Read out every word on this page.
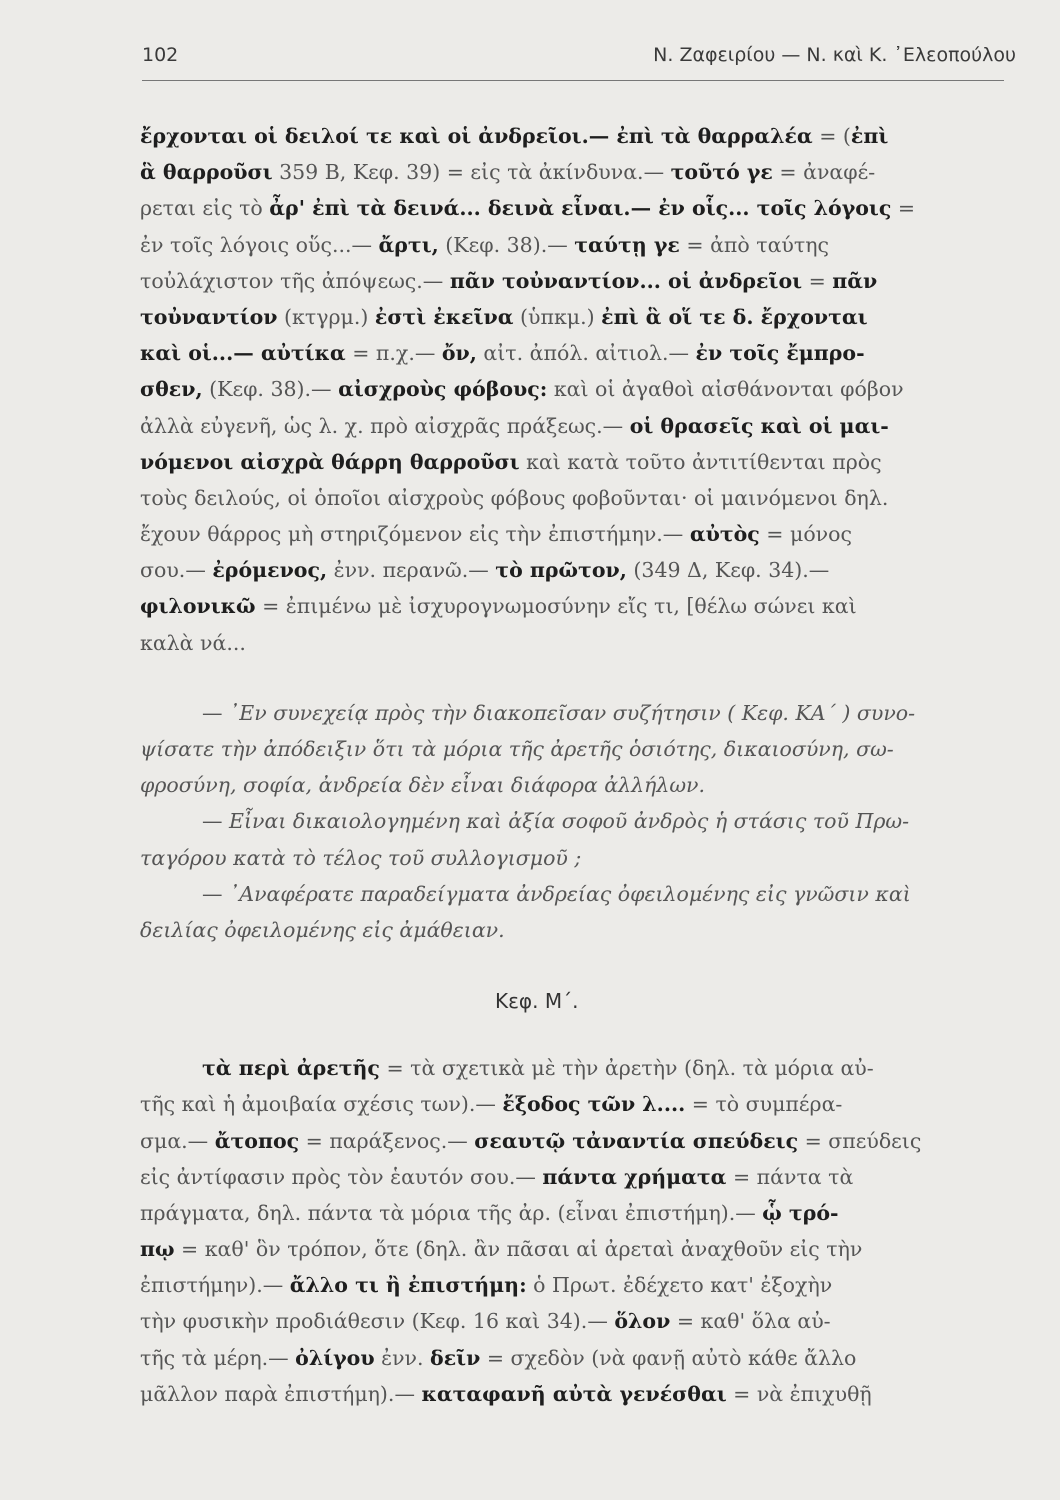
102	Ν. Ζαφειρίου — Ν. καὶ Κ. ᾿Ελεοπούλου
ἔρχονται οἱ δειλοί τε καὶ οἱ ἀνδρεῖοι.— ἐπὶ τὰ θαρραλέα = (ἐπὶ
ἃ θαρροῦσι 359 Β, Κεφ. 39) = εἰς τὰ ἀκίνδυνα.— τοῦτό γε = ἀναφέ-
ρεται εἰς τὸ ἆρ' ἐπὶ τὰ δεινά... δεινὰ εἶναι.— ἐν οἷς... τοῖς λόγοις =
ἐν τοῖς λόγοις οὕς...— ἄρτι, (Κεφ. 38).— ταύτῃ γε = ἀπὸ ταύτης
τοὐλάχιστον τῆς ἀπόψεως.— πᾶν τοὐναντίον... οἱ ἀνδρεῖοι = πᾶν
τοὐναντίον (κτγρμ.) ἐστὶ ἐκεῖνα (ὑπκμ.) ἐπὶ ἃ οἵ τε δ. ἔρχονται
καὶ οἱ...— αὐτίκα = π.χ.— ὄν, αἰτ. ἀπόλ. αἰτιολ.— ἐν τοῖς ἔμπρο-
σθεν, (Κεφ. 38).— αἰσχροὺς φόβους: καὶ οἱ ἀγαθοὶ αἰσθάνονται φόβον
ἀλλὰ εὐγενῆ, ὡς λ. χ. πρὸ αἰσχρᾶς πράξεως.— οἱ θρασεῖς καὶ οἱ μαι-
νόμενοι αἰσχρὰ θάρρη θαρροῦσι καὶ κατὰ τοῦτο ἀντιτίθενται πρὸς
τοὺς δειλούς, οἱ ὁποῖοι αἰσχροὺς φόβους φοβοῦνται· οἱ μαινόμενοι δηλ.
ἔχουν θάρρος μὴ στηριζόμενον εἰς τὴν ἐπιστήμην.— αὐτὸς = μόνος
σου.— ἐρόμενος, ἐνν. περανῶ.— τὸ πρῶτον, (349 Δ, Κεφ. 34).—
φιλονικῶ = ἐπιμένω μὲ ἰσχυρογνωμοσύνην εἴς τι, [θέλω σώνει καὶ
καλὰ νά...
— ᾿Εν συνεχείᾳ πρὸς τὴν διακοπεῖσαν συζήτησιν ( Κεφ. ΚΑ΄ ) συνο-
ψίσατε τὴν ἀπόδειξιν ὅτι τὰ μόρια τῆς ἀρετῆς ὁσιότης, δικαιοσύνη, σω-
φροσύνη, σοφία, ἀνδρεία δὲν εἶναι διάφορα ἀλλήλων.
— Εἶναι δικαιολογημένη καὶ ἀξία σοφοῦ ἀνδρὸς ἡ στάσις τοῦ Πρω-
ταγόρου κατὰ τὸ τέλος τοῦ συλλογισμοῦ ;
— ᾿Αναφέρατε παραδείγματα ἀνδρείας ὀφειλομένης εἰς γνῶσιν καὶ
δειλίας ὀφειλομένης εἰς ἀμάθειαν.
Κεφ. Μ΄.
τὰ περὶ ἀρετῆς = τὰ σχετικὰ μὲ τὴν ἀρετὴν (δηλ. τὰ μόρια αὐ-
τῆς καὶ ἡ ἀμοιβαία σχέσις των).— ἔξοδος τῶν λ.... = τὸ συμπέρα-
σμα.— ἄτοπος = παράξενος.— σεαυτῷ τἀναντία σπεύδεις = σπεύδεις
εἰς ἀντίφασιν πρὸς τὸν ἑαυτόν σου.— πάντα χρήματα = πάντα τὰ
πράγματα, δηλ. πάντα τὰ μόρια τῆς ἀρ. (εἶναι ἐπιστήμη).— ᾧ τρό-
πῳ = καθ' ὃν τρόπον, ὅτε (δηλ. ἂν πᾶσαι αἱ ἀρεταὶ ἀναχθοῦν εἰς τὴν
ἐπιστήμην).— ἄλλο τι ἢ ἐπιστήμη: ὁ Πρωτ. ἐδέχετο κατ' ἐξοχὴν
τὴν φυσικὴν προδιάθεσιν (Κεφ. 16 καὶ 34).— ὅλον = καθ' ὅλα αὐ-
τῆς τὰ μέρη.— ὀλίγου ἐνν. δεῖν = σχεδὸν (νὰ φανῇ αὐτὸ κάθε ἄλλο
μᾶλλον παρὰ ἐπιστήμη).— καταφανῆ αὐτὰ γενέσθαι = νὰ ἐπιχυθῇ
